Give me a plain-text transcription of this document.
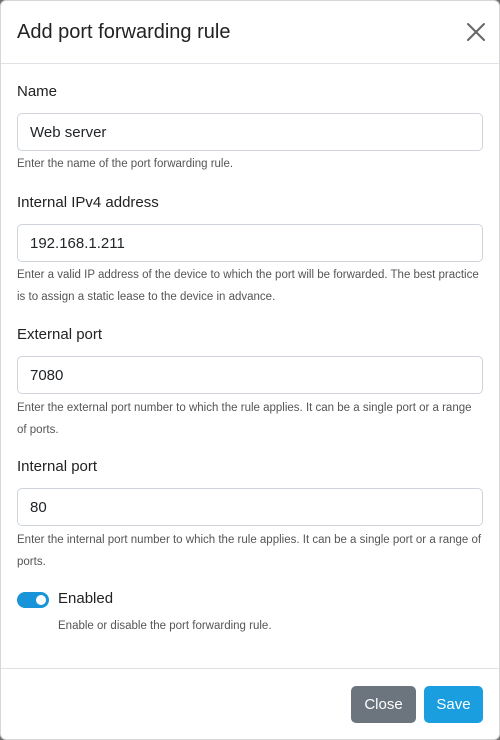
Add port forwarding rule
Name
Web server
Enter the name of the port forwarding rule.
Internal IPv4 address
192.168.1.211
Enter a valid IP address of the device to which the port will be forwarded. The best practice is to assign a static lease to the device in advance.
External port
7080
Enter the external port number to which the rule applies. It can be a single port or a range of ports.
Internal port
80
Enter the internal port number to which the rule applies. It can be a single port or a range of ports.
Enabled
Enable or disable the port forwarding rule.
Close	Save
